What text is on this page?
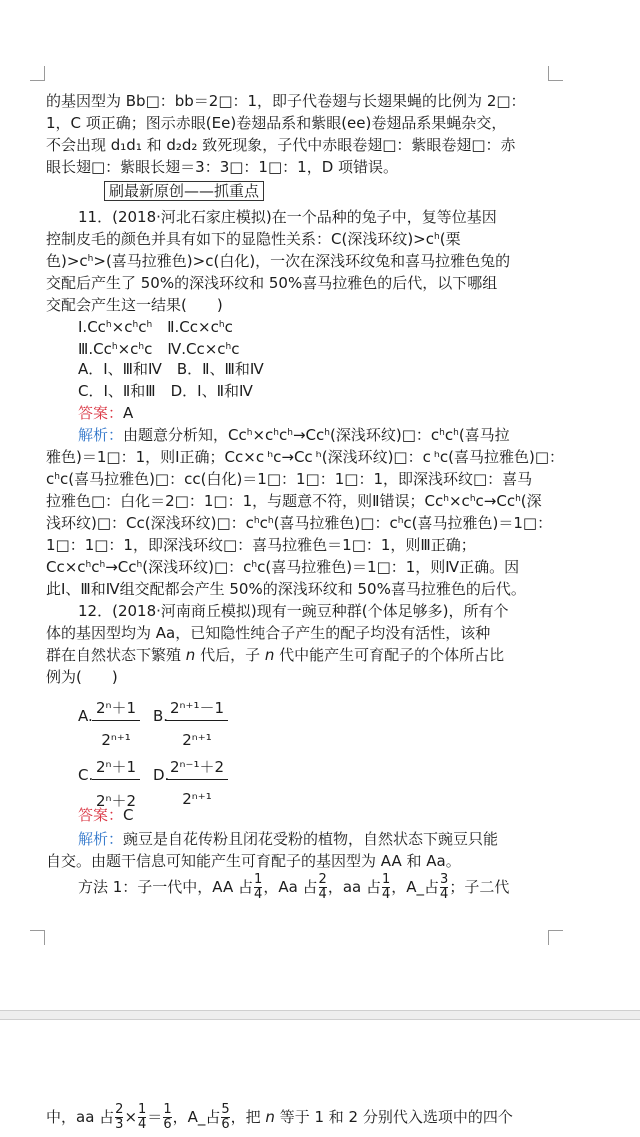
的基因型为 Bb□：bb＝2□：1，即子代卷翅与长翅果蝇的比例为 2□：
1，C 项正确；图示赤眼(Ee)卷翅品系和紫眼(ee)卷翅品系果蝇杂交，
不会出现 d₁d₁ 和 d₂d₂ 致死现象，子代中赤眼卷翅□：紫眼卷翅□：赤
眼长翅□：紫眼长翅＝3：3□：1□：1，D 项错误。
刷最新原创——抓重点
11．(2018·河北石家庄模拟)在一个品种的兔子中，复等位基因
控制皮毛的颜色并具有如下的显隐性关系：C(深浅环纹)$>c^h$(栗
色)$>c^h>$(喜马拉雅色)>c(白化)，一次在深浅环纹兔和喜马拉雅色兔的
交配后产生了 50%的深浅环纹和 50%喜马拉雅色的后代，以下哪组
交配会产生这一结果(　　)
$Ⅰ.Cc^h\times c^hc^h$　$Ⅱ.Cc\times c^hc$
$Ⅲ.Cc^h\times c^hc$　$Ⅳ.Cc\times c^hc$
A．Ⅰ、Ⅲ和Ⅳ　B．Ⅱ、Ⅲ和Ⅳ
C．Ⅰ、Ⅱ和Ⅲ　D．Ⅰ、Ⅱ和Ⅳ
答案：A
解析：由题意分析知，$Cc^h\times c^hc^h\to Cc^h$(深浅环纹)□：$c^hc^h$(喜马拉
雅色)＝1□：1，则Ⅰ正确；Cc×c ʰc→Cc ʰ(深浅环纹)□：c ʰc(喜马拉雅色)□：
$c^hc$(喜马拉雅色)□：cc(白化)＝1□：1□：1□：1，即深浅环纹□：喜马
拉雅色□：白化＝2□：1□：1，与题意不符，则Ⅱ错误；$Cc^h\times c^hc\to Cc^h$(深
浅环纹)□：Cc(深浅环纹)□：$c^hc^h$(喜马拉雅色)□：$c^hc$(喜马拉雅色)＝1□：
1□：1□：1，即深浅环纹□：喜马拉雅色＝1□：1，则Ⅲ正确；
$Cc\times c^hc^h\to Cc^h$(深浅环纹)□：$c^hc$(喜马拉雅色)＝1□：1，则Ⅳ正确。因
此Ⅰ、Ⅲ和Ⅳ组交配都会产生 50%的深浅环纹和 50%喜马拉雅色的后代。
12．(2018·河南商丘模拟)现有一豌豆种群(个体足够多)，所有个
体的基因型均为 Aa，已知隐性纯合子产生的配子均没有活性，该种
群在自然状态下繁殖 n 代后，子 n 代中能产生可育配子的个体所占比
例为(　　)
A. $\frac{\text{2ⁿ＋1}}{\text{2ⁿ⁺¹}} B$.
$\frac{\text{2ⁿ⁺¹－1}}{\text{2ⁿ⁺¹}}$
C.
$\frac{\text{2ⁿ＋1}}{\text{2ⁿ＋2}} D$.
$\frac{\text{2ⁿ⁻¹＋2}}{\text{2ⁿ⁺¹}}$
答案：C
解析：豌豆是自花传粉且闭花受粉的植物，自然状态下豌豆只能
自交。由题干信息可知能产生可育配子的基因型为 AA 和 Aa。
方法 1：子一代中，AA 占 $\frac{1}{4}$ ，Aa 占 $\frac{2}{4}$ ，aa 占 $\frac{1}{4}$ ，A_占 $\frac{3}{4}$ ；子二代
中，aa 占 $\frac{2}{3} \times \frac{1}{4} = \frac{1}{6}$ ，A_占 $\frac{5}{6}$ ，把 n 等于 1 和 2 分别代入选项中的四个
